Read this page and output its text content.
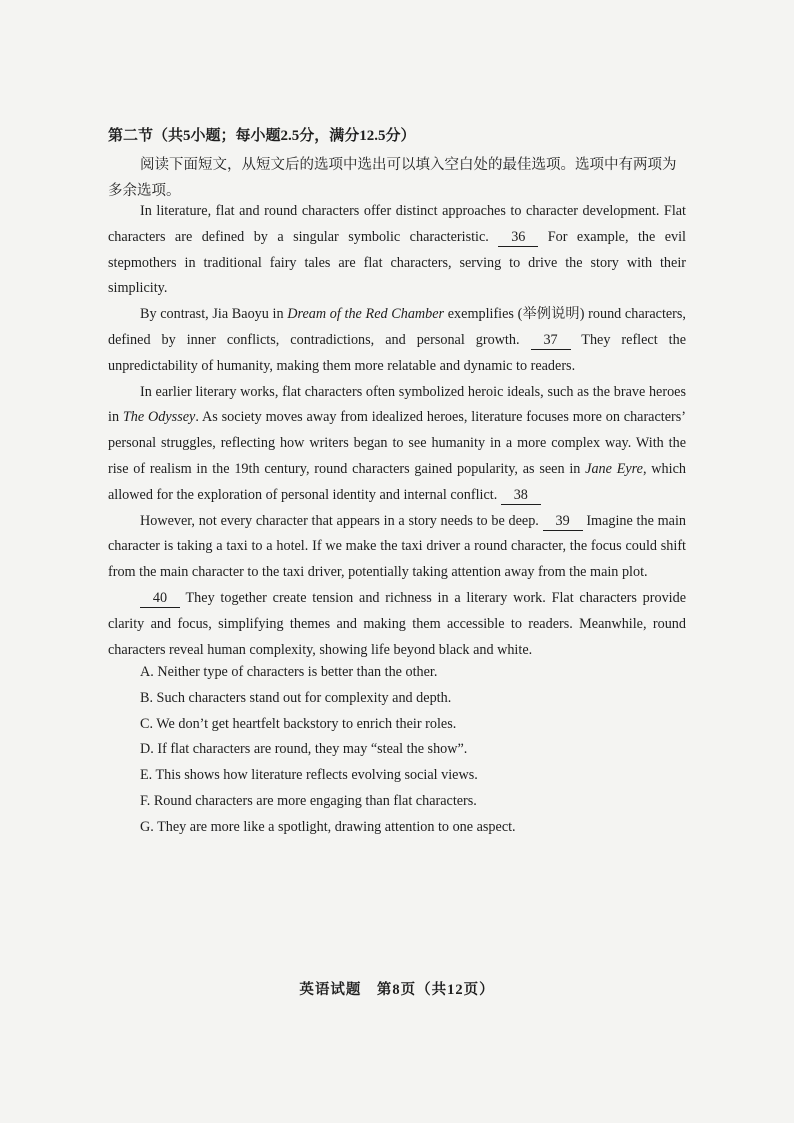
第二节（共5小题；每小题2.5分，满分12.5分）
阅读下面短文，从短文后的选项中选出可以填入空白处的最佳选项。选项中有两项为多余选项。

In literature, flat and round characters offer distinct approaches to character development. Flat characters are defined by a singular symbolic characteristic. 36 For example, the evil stepmothers in traditional fairy tales are flat characters, serving to drive the story with their simplicity.

By contrast, Jia Baoyu in Dream of the Red Chamber exemplifies (举例说明) round characters, defined by inner conflicts, contradictions, and personal growth. 37 They reflect the unpredictability of humanity, making them more relatable and dynamic to readers.

In earlier literary works, flat characters often symbolized heroic ideals, such as the brave heroes in The Odyssey. As society moves away from idealized heroes, literature focuses more on characters’ personal struggles, reflecting how writers began to see humanity in a more complex way. With the rise of realism in the 19th century, round characters gained popularity, as seen in Jane Eyre, which allowed for the exploration of personal identity and internal conflict. 38

However, not every character that appears in a story needs to be deep. 39 Imagine the main character is taking a taxi to a hotel. If we make the taxi driver a round character, the focus could shift from the main character to the taxi driver, potentially taking attention away from the main plot.

40 They together create tension and richness in a literary work. Flat characters provide clarity and focus, simplifying themes and making them accessible to readers. Meanwhile, round characters reveal human complexity, showing life beyond black and white.

A. Neither type of characters is better than the other.
B. Such characters stand out for complexity and depth.
C. We don’t get heartfelt backstory to enrich their roles.
D. If flat characters are round, they may “steal the show”.
E. This shows how literature reflects evolving social views.
F. Round characters are more engaging than flat characters.
G. They are more like a spotlight, drawing attention to one aspect.
英语试题　第8页（共12页）
